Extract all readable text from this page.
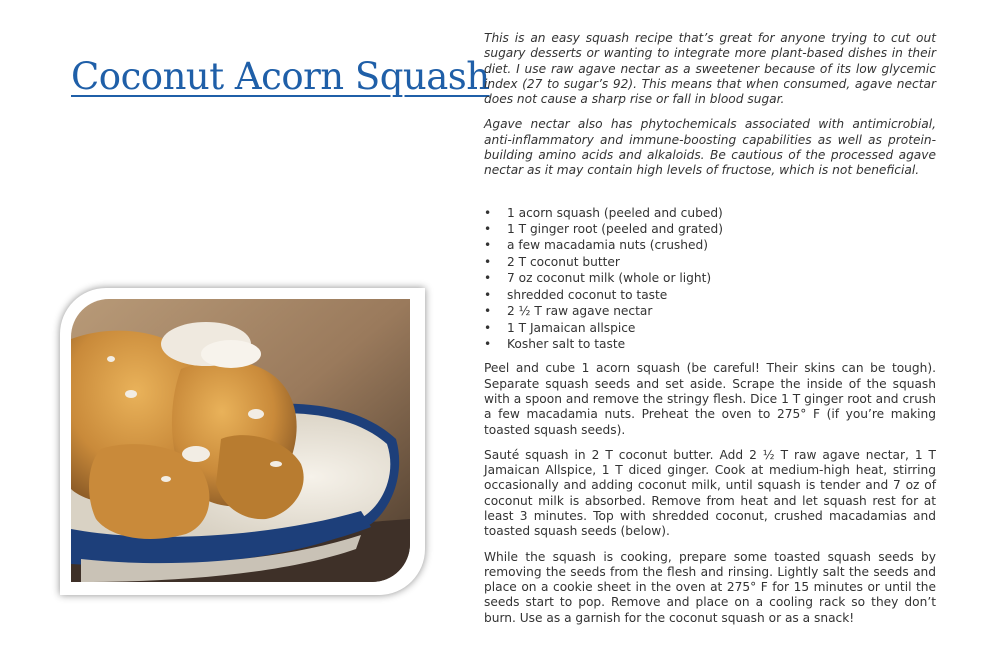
Coconut Acorn Squash

This is an easy squash recipe that’s great for anyone trying to cut out sugary desserts or wanting to integrate more plant-based dishes in their diet. I use raw agave nectar as a sweetener because of its low glycemic index (27 to sugar’s 92). This means that when consumed, agave nectar does not cause a sharp rise or fall in blood sugar.

Agave nectar also has phytochemicals associated with antimicrobial, anti-inflammatory and immune-boosting capabilities as well as protein-building amino acids and alkaloids. Be cautious of the processed agave nectar as it may contain high levels of fructose, which is not beneficial.

• 1 acorn squash (peeled and cubed)
• 1 T ginger root (peeled and grated)
• a few macadamia nuts (crushed)
• 2 T coconut butter
• 7 oz coconut milk (whole or light)
• shredded coconut to taste
• 2 ½ T raw agave nectar
• 1 T Jamaican allspice
• Kosher salt to taste

Peel and cube 1 acorn squash (be careful! Their skins can be tough). Separate squash seeds and set aside. Scrape the inside of the squash with a spoon and remove the stringy flesh. Dice 1 T ginger root and crush a few macadamia nuts. Preheat the oven to 275° F (if you’re making toasted squash seeds).

Sauté squash in 2 T coconut butter. Add 2 ½ T raw agave nectar, 1 T Jamaican Allspice, 1 T diced ginger. Cook at medium-high heat, stirring occasionally and adding coconut milk, until squash is tender and 7 oz of coconut milk is absorbed. Remove from heat and let squash rest for at least 3 minutes. Top with shredded coconut, crushed macadamias and toasted squash seeds (below).

While the squash is cooking, prepare some toasted squash seeds by removing the seeds from the flesh and rinsing. Lightly salt the seeds and place on a cookie sheet in the oven at 275° F for 15 minutes or until the seeds start to pop. Remove and place on a cooling rack so they don’t burn. Use as a garnish for the coconut squash or as a snack!
